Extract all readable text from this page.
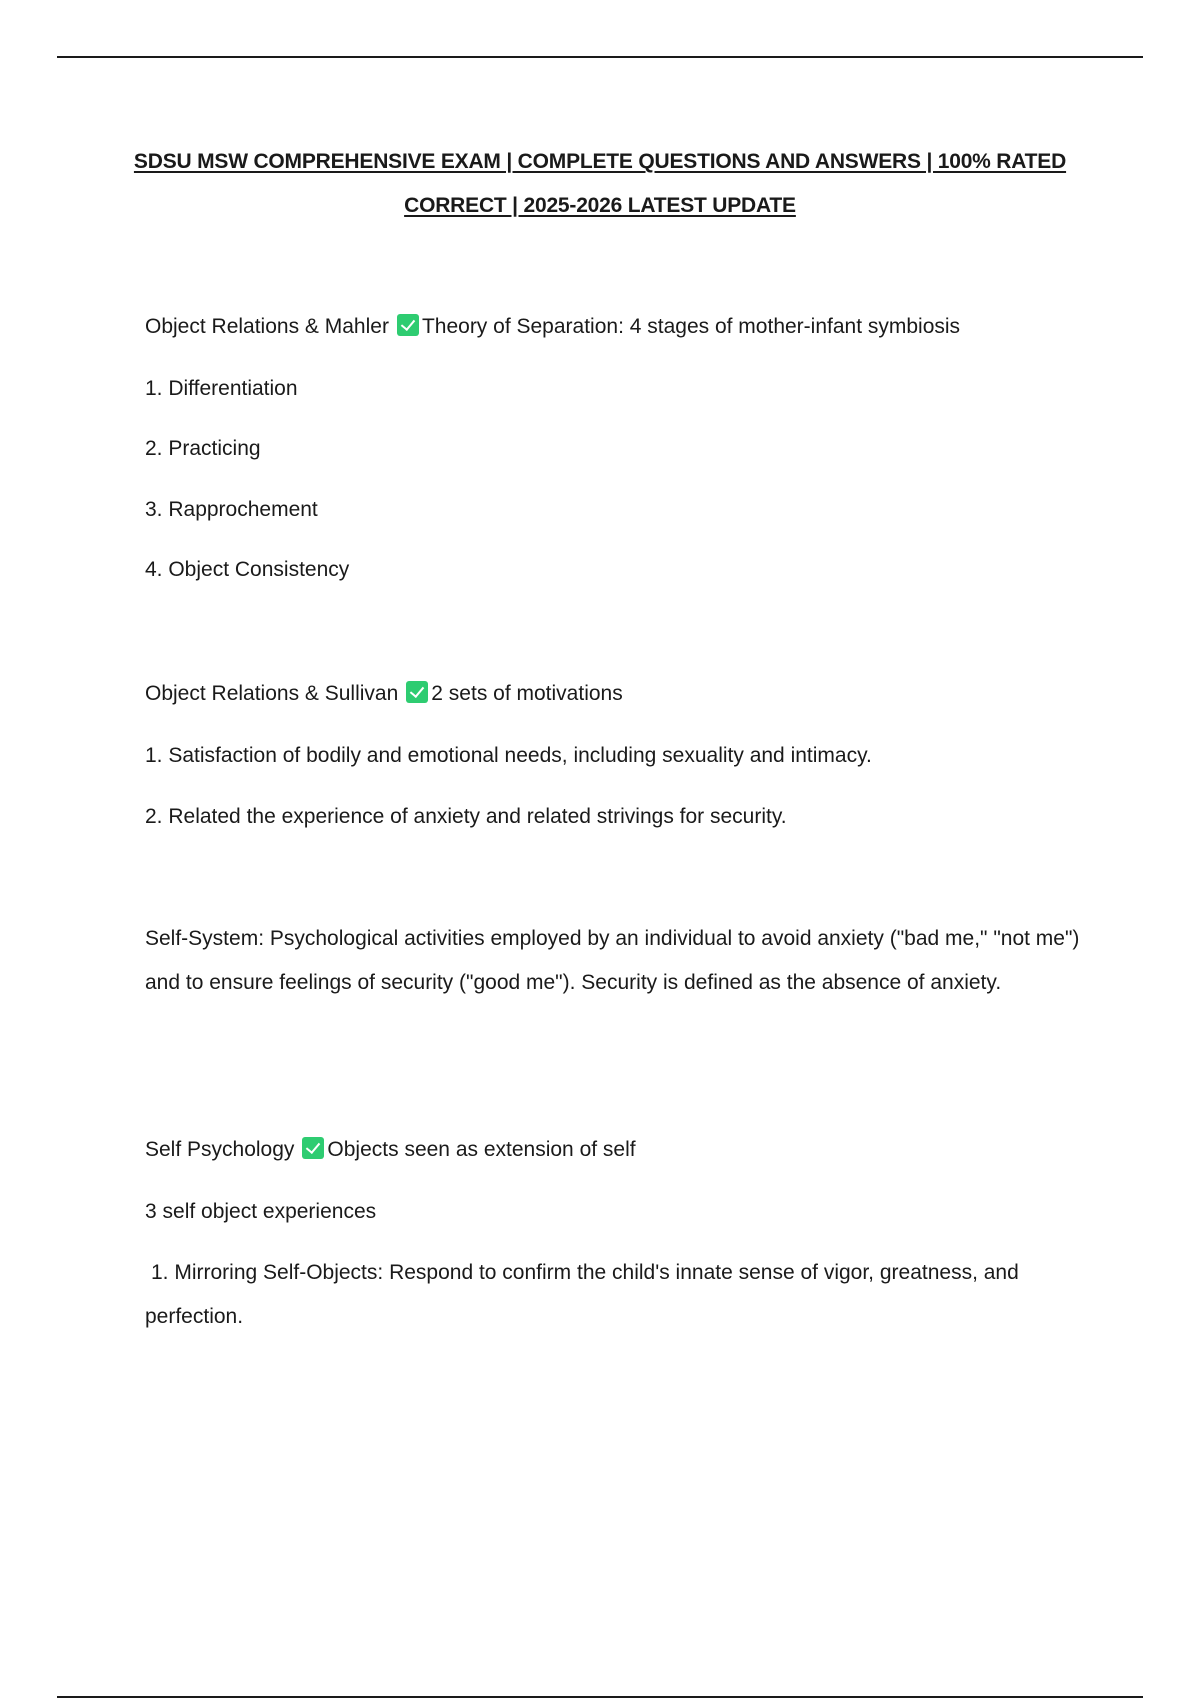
SDSU MSW COMPREHENSIVE EXAM | COMPLETE QUESTIONS AND ANSWERS | 100% RATED
CORRECT | 2025-2026 LATEST UPDATE
Object Relations & Mahler Theory of Separation: 4 stages of mother-infant symbiosis
1. Differentiation
2. Practicing
3. Rapprochement
4. Object Consistency
Object Relations & Sullivan 2 sets of motivations
1. Satisfaction of bodily and emotional needs, including sexuality and intimacy.
2. Related the experience of anxiety and related strivings for security.
Self-System: Psychological activities employed by an individual to avoid anxiety ("bad me," "not me") and to ensure feelings of security ("good me"). Security is defined as the absence of anxiety.
Self Psychology Objects seen as extension of self
3 self object experiences
1. Mirroring Self-Objects: Respond to confirm the child's innate sense of vigor, greatness, and perfection.
